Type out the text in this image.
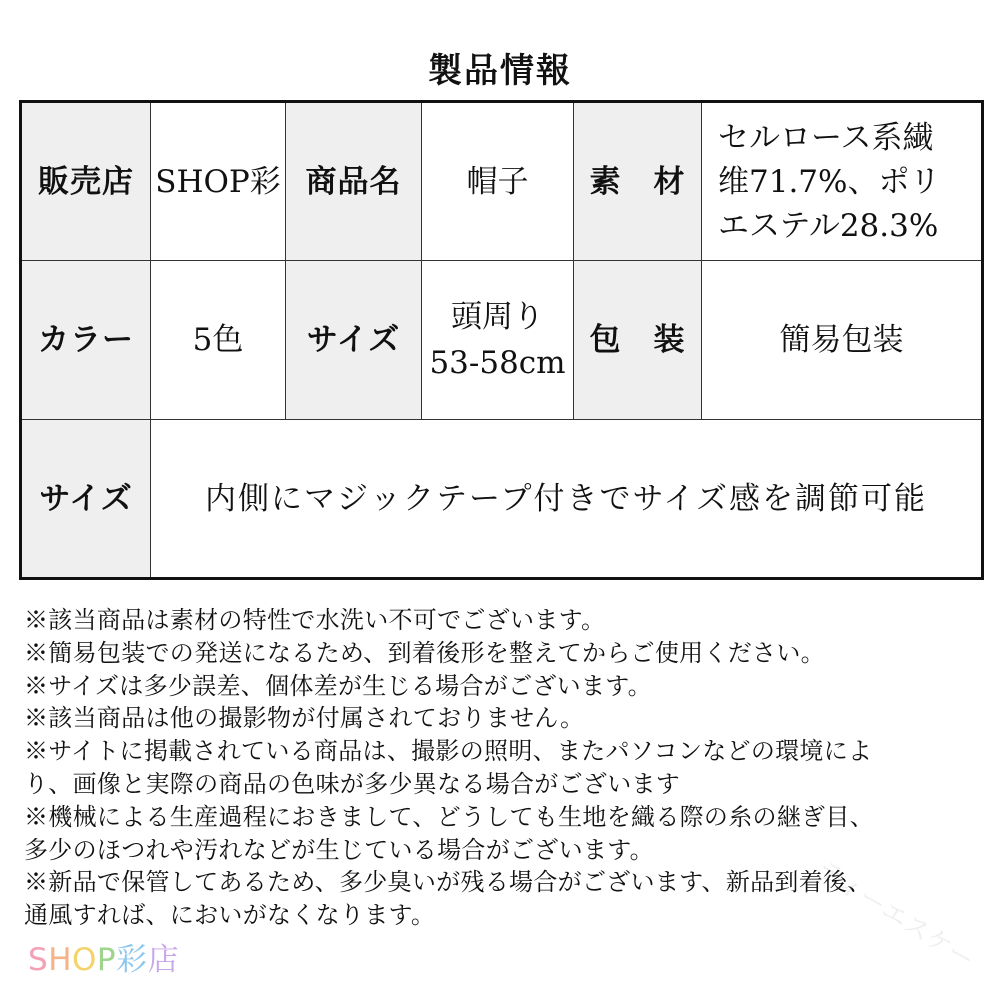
製品情報
販売店	SHOP彩	商品名	帽子	素　材	セルロース系繊
维71.7%、ポリ
エステル28.3%

カラー	5色	サイズ	頭周り
53-58cm	包　装	簡易包装
サイズ	内側にマジックテープ付きでサイズ感を調節可能				
※該当商品は素材の特性で水洗い不可でございます。
※簡易包装での発送になるため、到着後形を整えてからご使用ください。
※サイズは多少誤差、個体差が生じる場合がございます。
※該当商品は他の撮影物が付属されておりません。
※サイトに掲載されている商品は、撮影の照明、またパソコンなどの環境によ
り、画像と実際の商品の色味が多少異なる場合がございます
※機械による生産過程におきまして、どうしても生地を織る際の糸の継ぎ目、
多少のほつれや汚れなどが生じている場合がございます。
※新品で保管してあるため、多少臭いが残る場合がございます、新品到着後、
通風すれば、においがなくなります。
SHOP彩店	ティーエスケー
